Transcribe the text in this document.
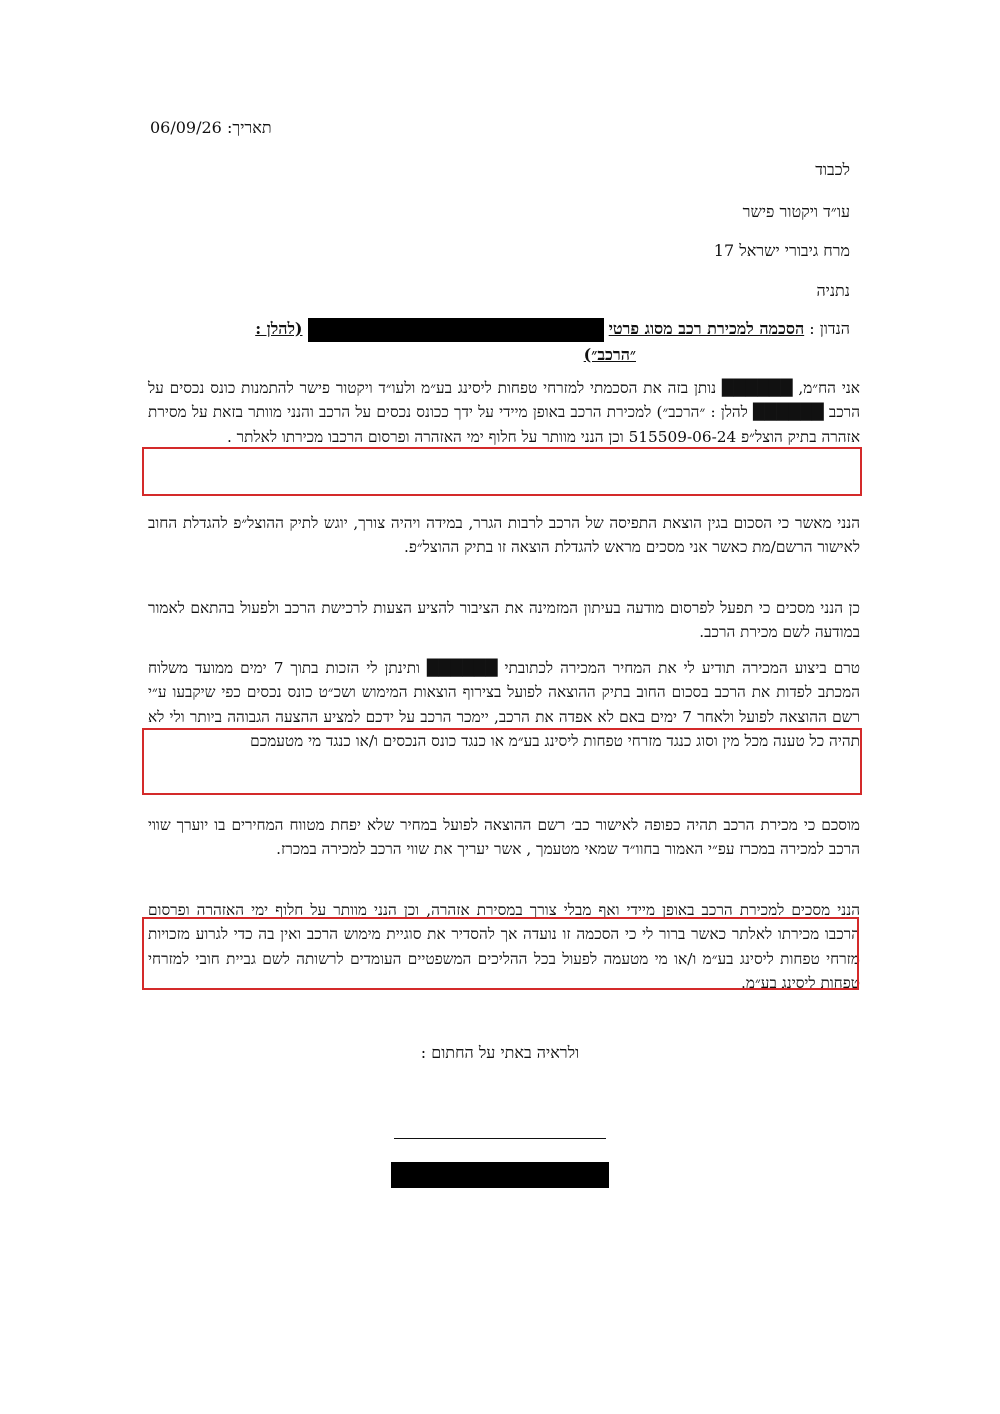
תאריך: 06/09/26
לכבוד
עו״ד ויקטור פישר
מרח גיבורי ישראל 17
נתניה
הנדון : הסכמה למכירת רכב מסוג פרטי  (להלן :
״הרכב״)
אני הח״מ, ██████ נותן בזה את הסכמתי למזרחי טפחות ליסינג בע״מ ולעו״ד ויקטור פישר להתמנות כונס נכסים על הרכב ██████ להלן : ״הרכב״) למכירת הרכב באופן מיידי על ידך ככונס נכסים על הרכב והנני מוותר בזאת על מסירת אזהרה בתיק הוצל״פ 515509-06-24 וכן הנני מוותר על חלוף ימי האזהרה ופרסום הרכבו מכירתו לאלתר .
הנני מאשר כי הסכום בגין הוצאת התפיסה של הרכב לרבות הגרר, במידה ויהיה צורך, יוגש לתיק ההוצל״פ להגדלת החוב לאישור הרשם/מת כאשר אני מסכים מראש להגדלת הוצאה זו בתיק ההוצל״פ.
כן הנני מסכים כי תפעל לפרסום מודעה בעיתון המזמינה את הציבור להציע הצעות לרכישת הרכב ולפעול בהתאם לאמור במודעה לשם מכירת הרכב.
טרם ביצוע המכירה תודיע לי את המחיר המכירה לכתובתי ██████ ותינתן לי הזכות בתוך 7 ימים ממועד משלוח המכתב לפדות את הרכב בסכום החוב בתיק ההוצאה לפועל בצירוף הוצאות המימוש ושכ״ט כונס נכסים כפי שיקבעו ע״י רשם ההוצאה לפועל ולאחר 7 ימים באם לא אפדה את הרכב, יימכר הרכב על ידכם למציע ההצעה הגבוהה ביותר ולי לא תהיה כל טענה מכל מין וסוג כנגד מזרחי טפחות ליסינג בע״מ או כנגד כונס הנכסים ו/או כנגד מי מטעמכם
מוסכם כי מכירת הרכב תהיה כפופה לאישור כב׳ רשם ההוצאה לפועל במחיר שלא יפחת מטווח המחירים בו יוערך שווי הרכב למכירה במכרז עפ״י האמור בחוו״ד שמאי מטעמך , אשר יעריך את שווי הרכב למכירה במכרז.
הנני מסכים למכירת הרכב באופן מיידי ואף מבלי צורך במסירת אזהרה, וכן הנני מוותר על חלוף ימי האזהרה ופרסום הרכבו מכירתו לאלתר כאשר ברור לי כי הסכמה זו נועדה אך להסדיר את סוגיית מימוש הרכב ואין בה כדי לגרוע מזכויות מזרחי טפחות ליסינג בע״מ ו/או מי מטעמה לפעול בכל ההליכים המשפטיים העומדים לרשותה לשם גביית חובי למזרחי טפחות ליסינג בע״מ.
ולראיה באתי על החתום :
